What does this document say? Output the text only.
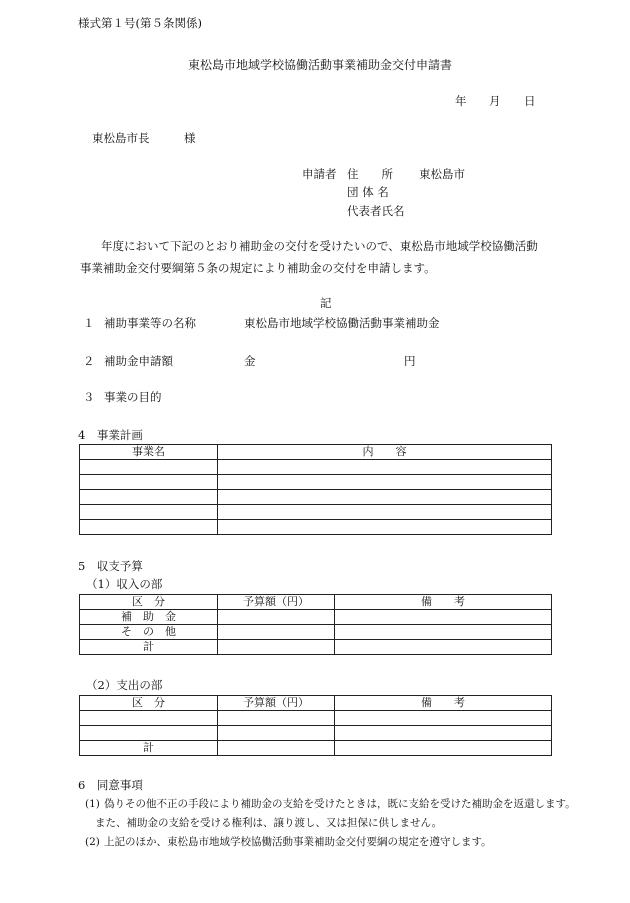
様式第１号(第５条関係)
東松島市地域学校協働活動事業補助金交付申請書
年 月 日
東松島市長	様
申請者 住　　所 東松島市
団 体 名
代表者氏名
年度において下記のとおり補助金の交付を受けたいので、東松島市地域学校協働活動
事業補助金交付要綱第５条の規定により補助金の交付を申請します。
記
１ 補助事業等の名称	東松島市地域学校協働活動事業補助金
２ 補助金申請額	金	円
３ 事業の目的
4　事業計画
事業名	内　　容

5　収支予算
（1）収入の部
区　分	予算額（円）	備　　考
補　助　金		
そ　の　他		
計		
（2）支出の部
区　分	予算額（円）	備　　考

計		
6　同意事項
(1) 偽りその他不正の手段により補助金の支給を受けたときは，既に支給を受けた補助金を返還します。
また、補助金の支給を受ける権利は、譲り渡し、又は担保に供しません。
(2) 上記のほか、東松島市地域学校協働活動事業補助金交付要綱の規定を遵守します。
